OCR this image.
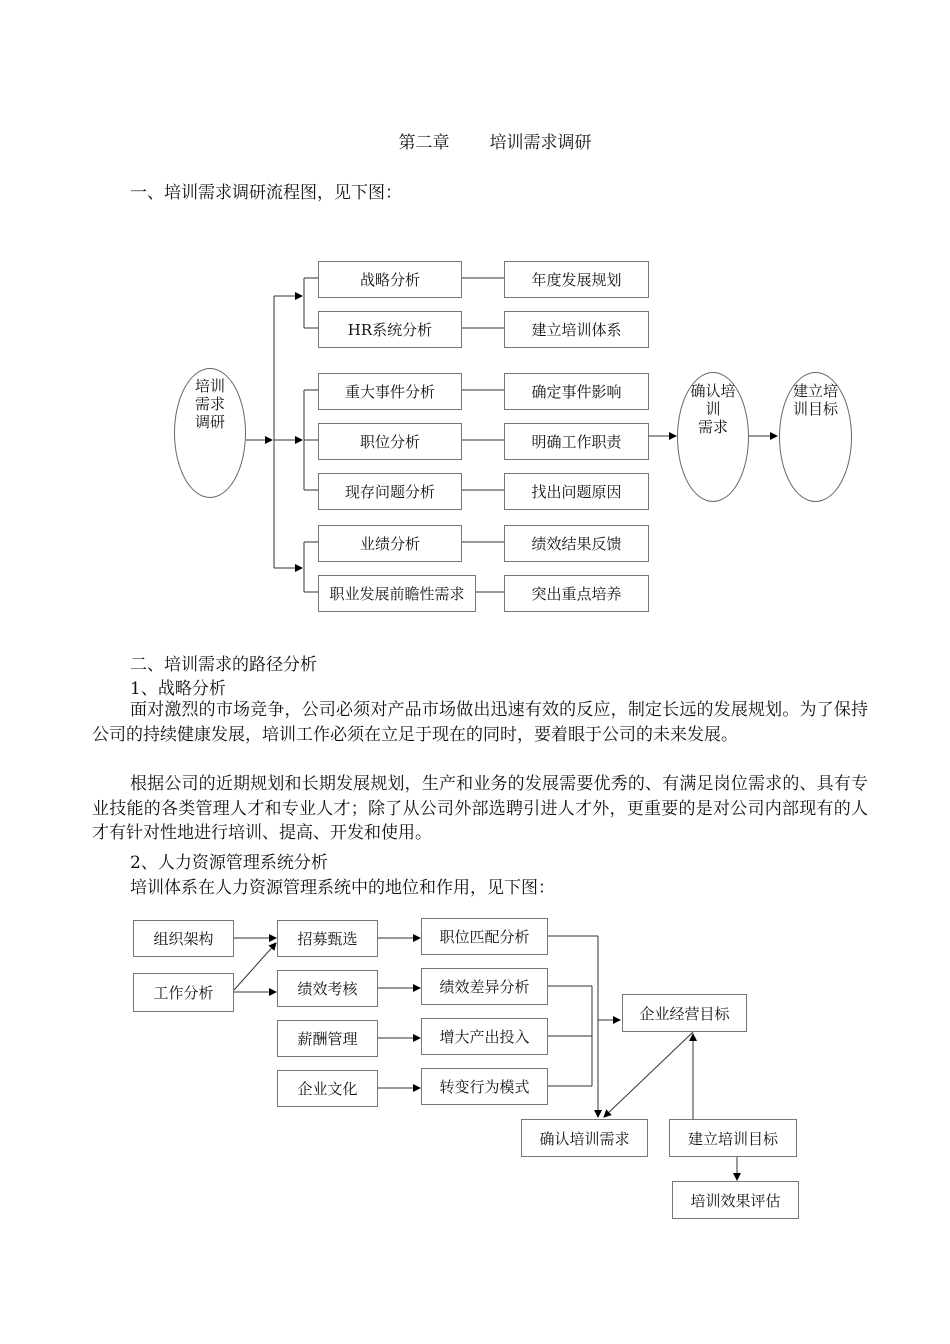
第二章 培训需求调研
一、培训需求调研流程图，见下图：
培训
需求
调研
战略分析
HR系统分析
重大事件分析
职位分析
现存问题分析
业绩分析
职业发展前瞻性需求
年度发展规划
建立培训体系
确定事件影响
明确工作职责
找出问题原因
绩效结果反馈
突出重点培养
确认培
训
需求
建立培
训目标
二、培训需求的路径分析
1、战略分析

面对激烈的市场竞争，公司必须对产品市场做出迅速有效的反应，制定长远的发展规划。为了保持公司的持续健康发展，培训工作必须在立足于现在的同时，要着眼于公司的未来发展。

根据公司的近期规划和长期发展规划，生产和业务的发展需要优秀的、有满足岗位需求的、具有专业技能的各类管理人才和专业人才；除了从公司外部选聘引进人才外，更重要的是对公司内部现有的人才有针对性地进行培训、提高、开发和使用。

2、人力资源管理系统分析
培训体系在人力资源管理系统中的地位和作用，见下图：
组织架构
工作分析
招募甄选
绩效考核
薪酬管理
企业文化
职位匹配分析
绩效差异分析
增大产出投入
转变行为模式
企业经营目标
确认培训需求	建立培训目标
培训效果评估
